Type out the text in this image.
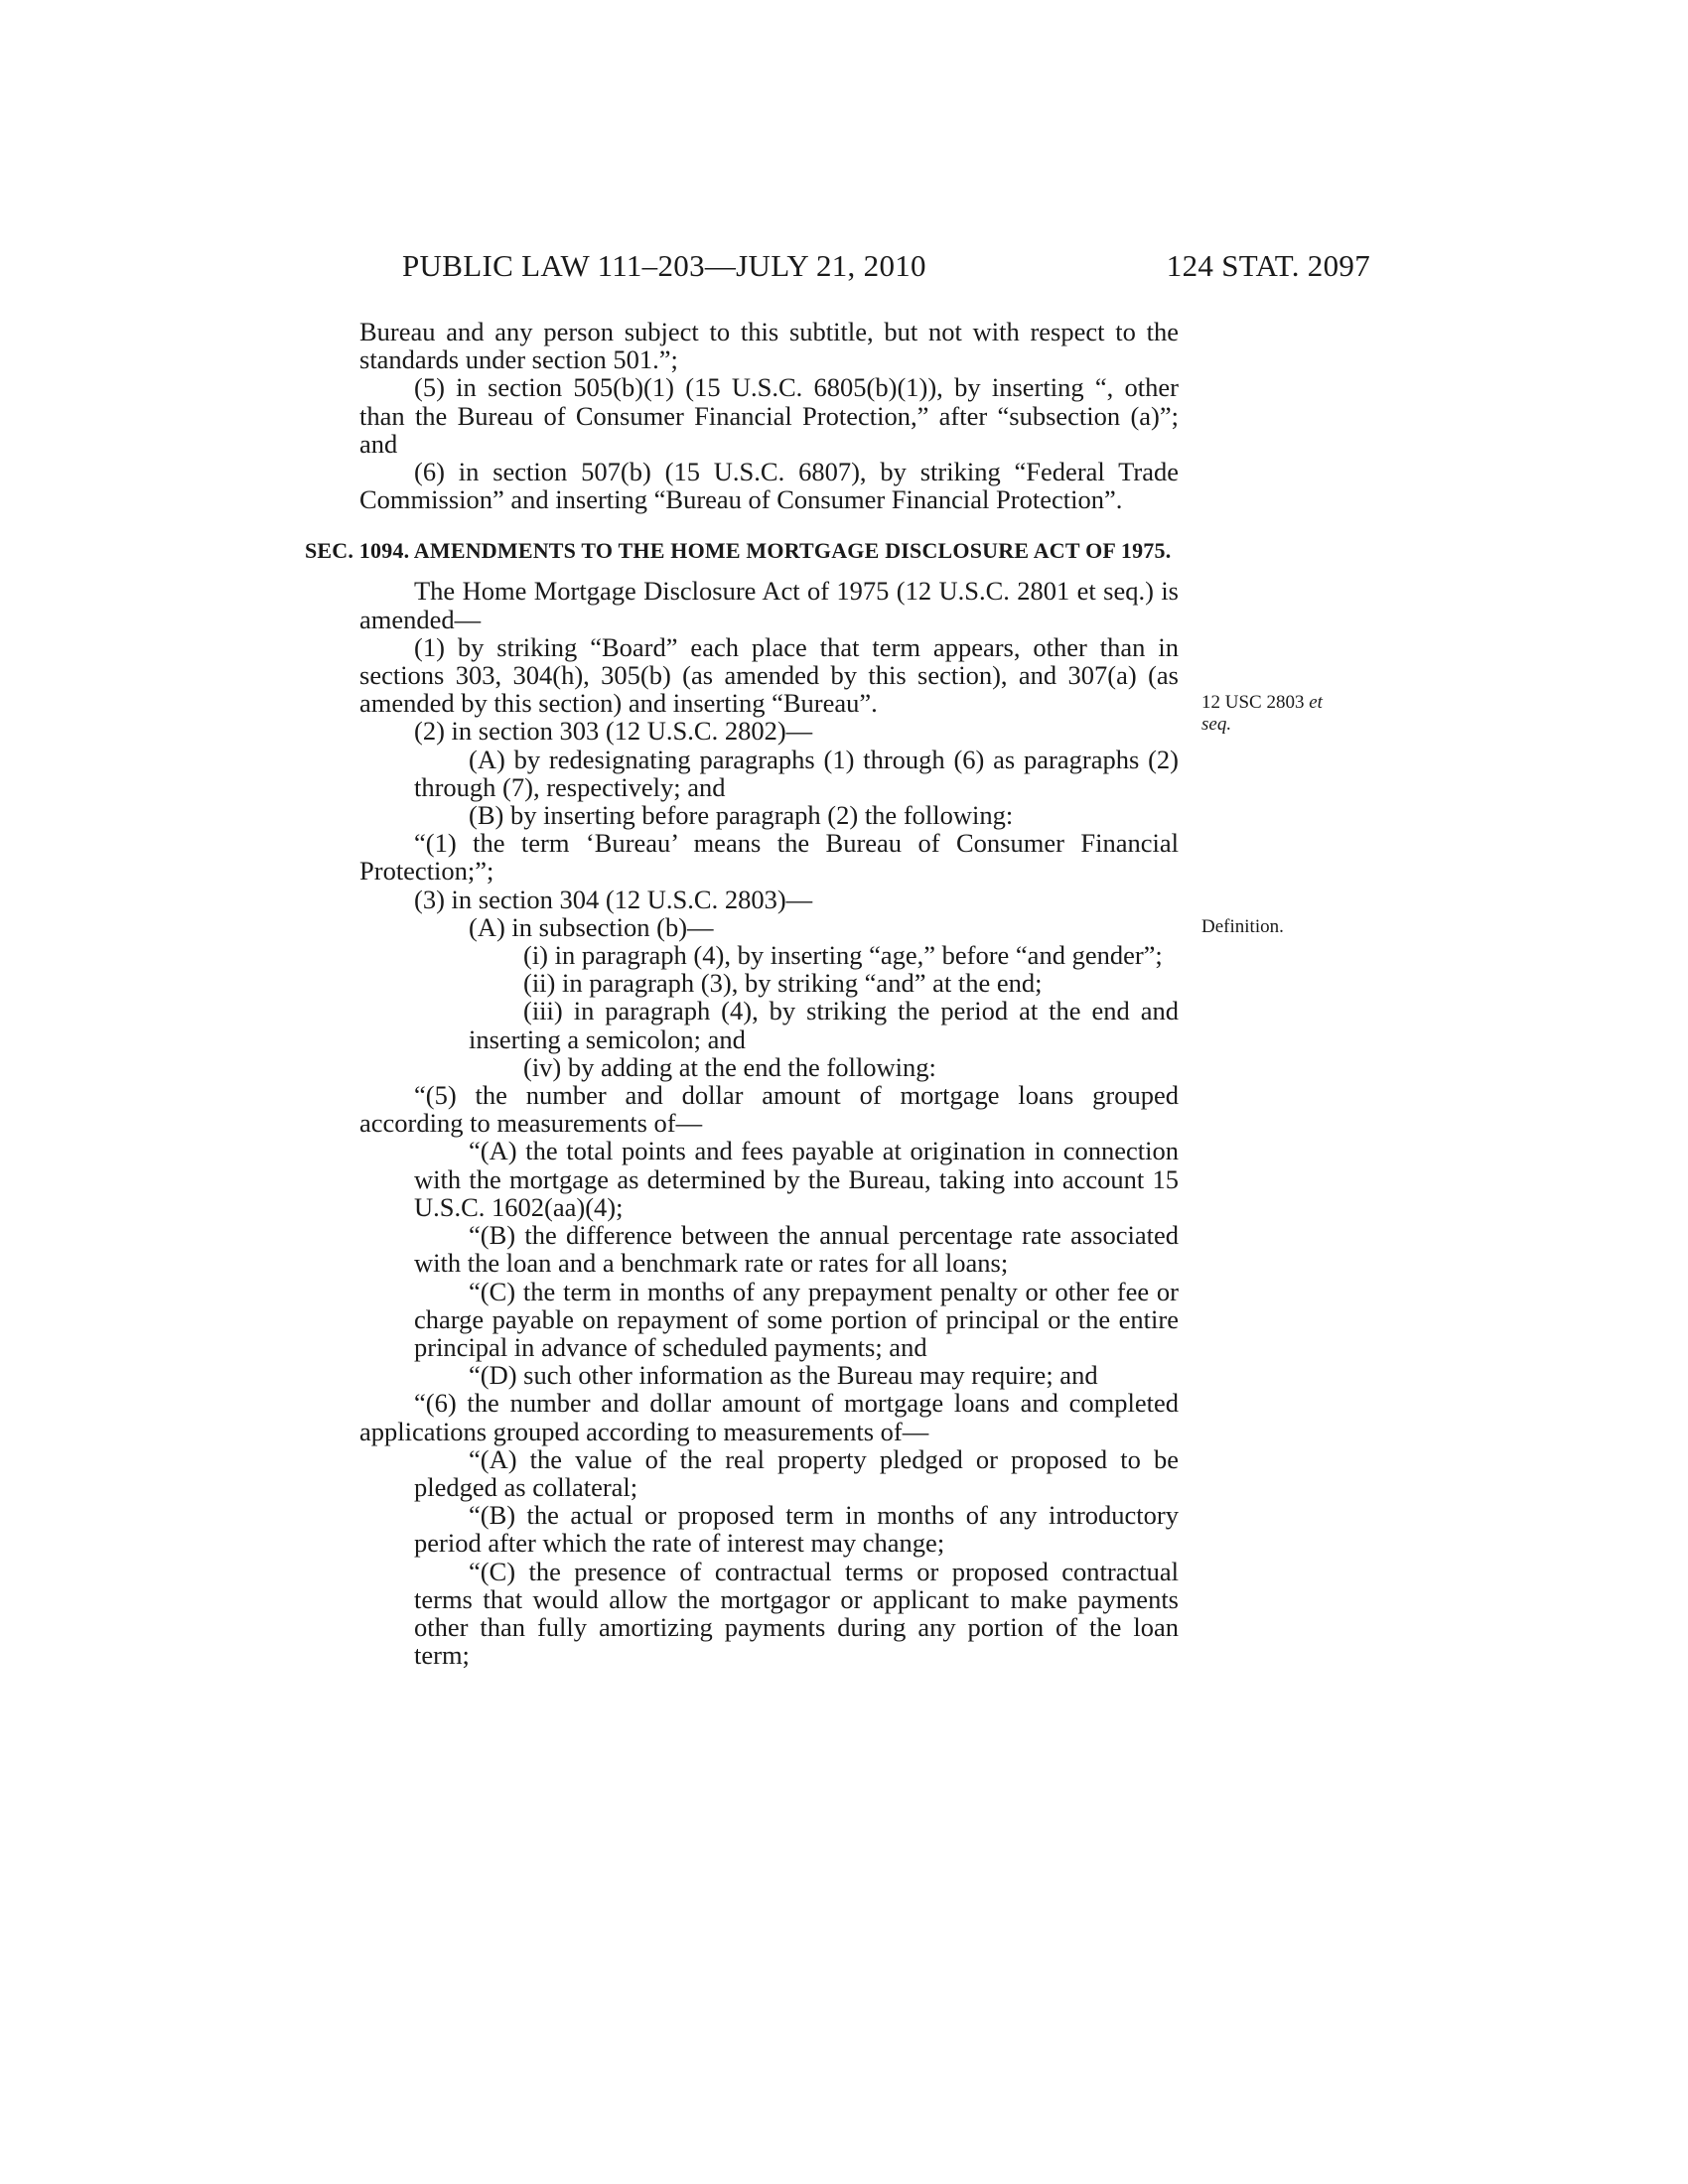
PUBLIC LAW 111–203—JULY 21, 2010	124 STAT. 2097

Bureau and any person subject to this subtitle, but not with respect to the standards under section 501.”;

(5) in section 505(b)(1) (15 U.S.C. 6805(b)(1)), by inserting “, other than the Bureau of Consumer Financial Protection,” after “subsection (a)”; and

(6) in section 507(b) (15 U.S.C. 6807), by striking “Federal Trade Commission” and inserting “Bureau of Consumer Financial Protection”.

SEC. 1094. AMENDMENTS TO THE HOME MORTGAGE DISCLOSURE ACT OF 1975.

The Home Mortgage Disclosure Act of 1975 (12 U.S.C. 2801 et seq.) is amended—

(1) by striking “Board” each place that term appears, other than in sections 303, 304(h), 305(b) (as amended by this section), and 307(a) (as amended by this section) and inserting “Bureau”.

(2) in section 303 (12 U.S.C. 2802)—

(A) by redesignating paragraphs (1) through (6) as paragraphs (2) through (7), respectively; and

(B) by inserting before paragraph (2) the following:

“(1) the term ‘Bureau’ means the Bureau of Consumer Financial Protection;”;

(3) in section 304 (12 U.S.C. 2803)—

(A) in subsection (b)—

(i) in paragraph (4), by inserting “age,” before “and gender”;

(ii) in paragraph (3), by striking “and” at the end;

(iii) in paragraph (4), by striking the period at the end and inserting a semicolon; and

(iv) by adding at the end the following:

“(5) the number and dollar amount of mortgage loans grouped according to measurements of—

“(A) the total points and fees payable at origination in connection with the mortgage as determined by the Bureau, taking into account 15 U.S.C. 1602(aa)(4);

“(B) the difference between the annual percentage rate associated with the loan and a benchmark rate or rates for all loans;

“(C) the term in months of any prepayment penalty or other fee or charge payable on repayment of some portion of principal or the entire principal in advance of scheduled payments; and

“(D) such other information as the Bureau may require; and

“(6) the number and dollar amount of mortgage loans and completed applications grouped according to measurements of—

“(A) the value of the real property pledged or proposed to be pledged as collateral;

“(B) the actual or proposed term in months of any introductory period after which the rate of interest may change;

“(C) the presence of contractual terms or proposed contractual terms that would allow the mortgagor or applicant to make payments other than fully amortizing payments during any portion of the loan term;

12 USC 2803 et seq.
Definition.
